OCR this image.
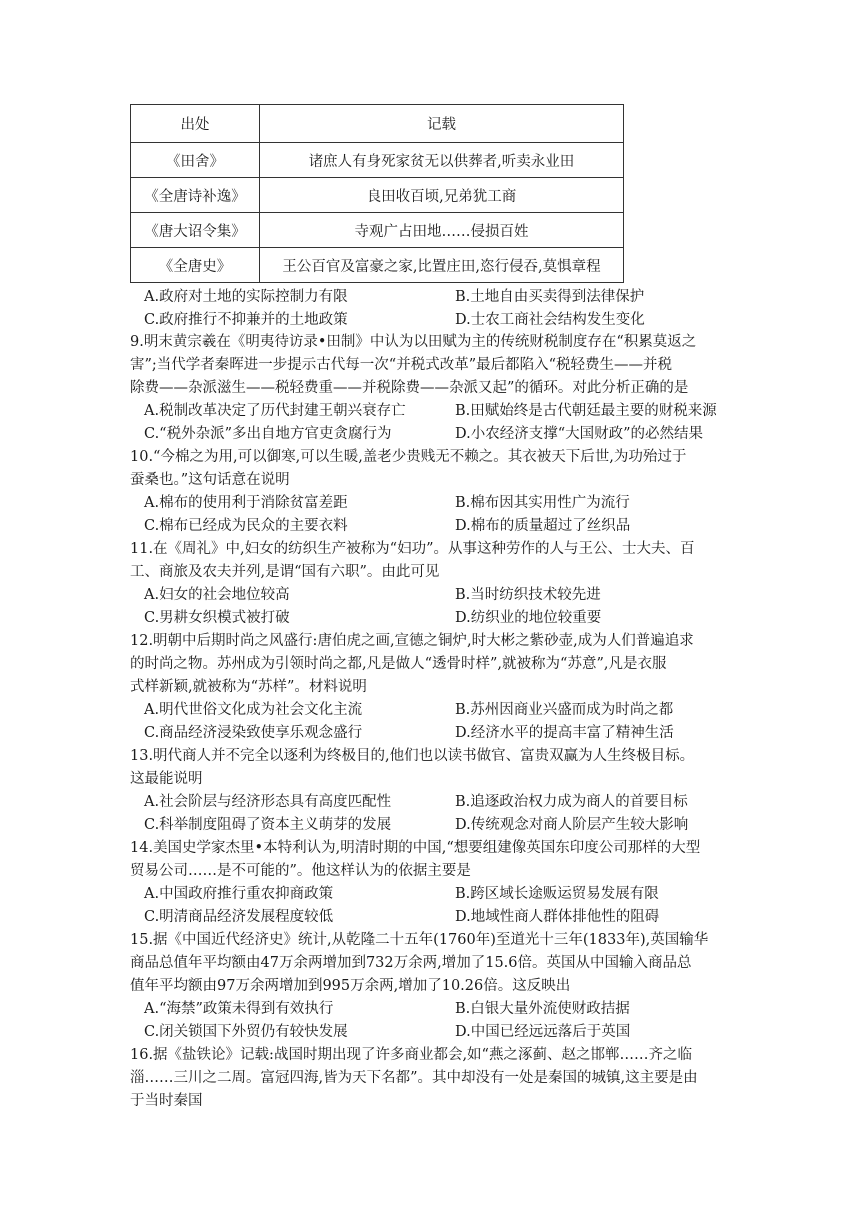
出处	记载
《田舍》	诸庶人有身死家贫无以供葬者,听卖永业田
《全唐诗补逸》	良田收百顷,兄弟犹工商
《唐大诏令集》	寺观广占田地……侵损百姓
《全唐史》	王公百官及富豪之家,比置庄田,恣行侵吞,莫惧章程
A.政府对土地的实际控制力有限	B.土地自由买卖得到法律保护
C.政府推行不抑兼并的土地政策	D.士农工商社会结构发生变化
9.明末黄宗羲在《明夷待访录•田制》中认为以田赋为主的传统财税制度存在“积累莫返之
害”;当代学者秦晖进一步提示古代每一次“并税式改革”最后都陷入“税轻费生——并税
除费——杂派滋生——税轻费重——并税除费——杂派又起”的循环。对此分析正确的是
A.税制改革决定了历代封建王朝兴衰存亡	B.田赋始终是古代朝廷最主要的财税来源
C.“税外杂派”多出自地方官吏贪腐行为	D.小农经济支撑“大国财政”的必然结果
10.“今棉之为用,可以御寒,可以生暖,盖老少贵贱无不赖之。其衣被天下后世,为功殆过于
蚕桑也。”这句话意在说明
A.棉布的使用利于消除贫富差距	B.棉布因其实用性广为流行
C.棉布已经成为民众的主要衣料	D.棉布的质量超过了丝织品
11.在《周礼》中,妇女的纺织生产被称为“妇功”。从事这种劳作的人与王公、士大夫、百
工、商旅及农夫并列,是谓“国有六职”。由此可见
A.妇女的社会地位较高	B.当时纺织技术较先进
C.男耕女织模式被打破	D.纺织业的地位较重要
12.明朝中后期时尚之风盛行:唐伯虎之画,宣德之铜炉,时大彬之紫砂壶,成为人们普遍追求
的时尚之物。苏州成为引领时尚之都,凡是做人“透骨时样”,就被称为“苏意”,凡是衣服
式样新颖,就被称为“苏样”。材料说明
A.明代世俗文化成为社会文化主流	B.苏州因商业兴盛而成为时尚之都
C.商品经济浸染致使享乐观念盛行	D.经济水平的提高丰富了精神生活
13.明代商人并不完全以逐利为终极目的,他们也以读书做官、富贵双赢为人生终极目标。
这最能说明
A.社会阶层与经济形态具有高度匹配性	B.追逐政治权力成为商人的首要目标
C.科举制度阻碍了资本主义萌芽的发展	D.传统观念对商人阶层产生较大影响
14.美国史学家杰里•本特利认为,明清时期的中国,“想要组建像英国东印度公司那样的大型
贸易公司……是不可能的”。他这样认为的依据主要是
A.中国政府推行重农抑商政策	B.跨区域长途贩运贸易发展有限
C.明清商品经济发展程度较低	D.地域性商人群体排他性的阻碍
15.据《中国近代经济史》统计,从乾隆二十五年(1760年)至道光十三年(1833年),英国输华
商品总值年平均额由47万余两增加到732万余两,增加了15.6倍。英国从中国输入商品总
值年平均额由97万余两增加到995万余两,增加了10.26倍。这反映出
A.“海禁”政策未得到有效执行	B.白银大量外流使财政拮据
C.闭关锁国下外贸仍有较快发展	D.中国已经远远落后于英国
16.据《盐铁论》记载:战国时期出现了许多商业都会,如“燕之涿蓟、赵之邯郸……齐之临
淄……三川之二周。富冠四海,皆为天下名都”。其中却没有一处是秦国的城镇,这主要是由
于当时秦国
